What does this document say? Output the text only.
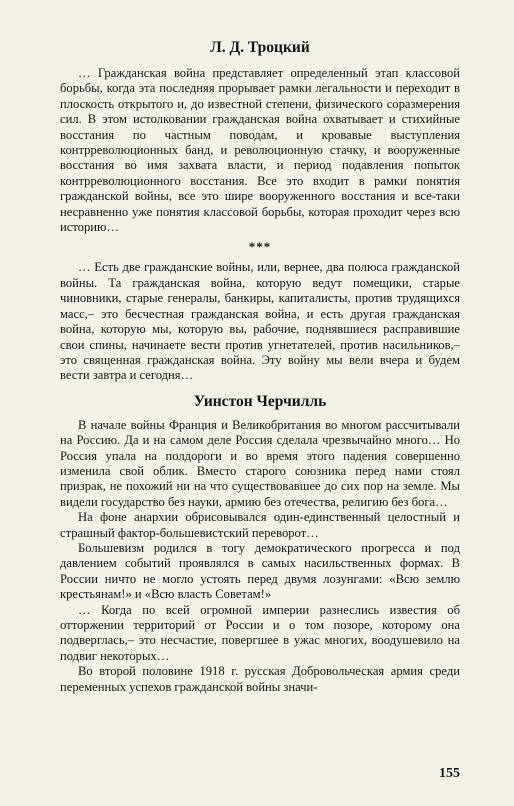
Л. Д. Троцкий

… Гражданская война представляет определенный этап классовой борьбы, когда эта последняя прорывает рамки легальности и переходит в плоскость открытого и, до известной степени, физического соразмерения сил. В этом истолковании гражданская война охватывает и стихийные восстания по частным поводам, и кровавые выступления контрреволюционных банд, и революционную стачку, и вооруженные восстания во имя захвата власти, и период подавления попыток контрреволюционного восстания. Все это входит в рамки понятия гражданской войны, все это шире вооруженного восстания и все-таки несравненно уже понятия классовой борьбы, которая проходит через всю историю…

***

… Есть две гражданские войны, или, вернее, два полюса гражданской войны. Та гражданская война, которую ведут помещики, старые чиновники, старые генералы, банкиры, капиталисты, против трудящихся масс,– это бесчестная гражданская война, и есть другая гражданская война, которую мы, которую вы, рабочие, поднявшиеся расправившие свои спины, начинаете вести против угнетателей, против насильников,– это священная гражданская война. Эту войну мы вели вчера и будем вести завтра и сегодня…

Уинстон Черчилль

В начале войны Франция и Великобритания во многом рассчитывали на Россию. Да и на самом деле Россия сделала чрезвычайно много… Но Россия упала на полдороги и во время этого падения совершенно изменила свой облик. Вместо старого союзника перед нами стоял призрак, не похожий ни на что существовавшее до сих пор на земле. Мы видели государство без науки, армию без отечества, религию без бога…

На фоне анархии обрисовывался один-единственный целостный и страшный фактор-большевистский переворот…

Большевизм родился в тогу демократического прогресса и под давлением событий проявлялся в самых насильственных формах. В России ничто не могло устоять перед двумя лозунгами: «Всю землю крестьянам!» и «Всю власть Советам!»

… Когда по всей огромной империи разнеслись известия об отторжении территорий от России и о том позоре, которому она подверглась,– это несчастие, повергшее в ужас многих, воодушевило на подвиг некоторых…

Во второй половине 1918 г. русская Добровольческая армия среди переменных успехов гражданской войны значи-

155
